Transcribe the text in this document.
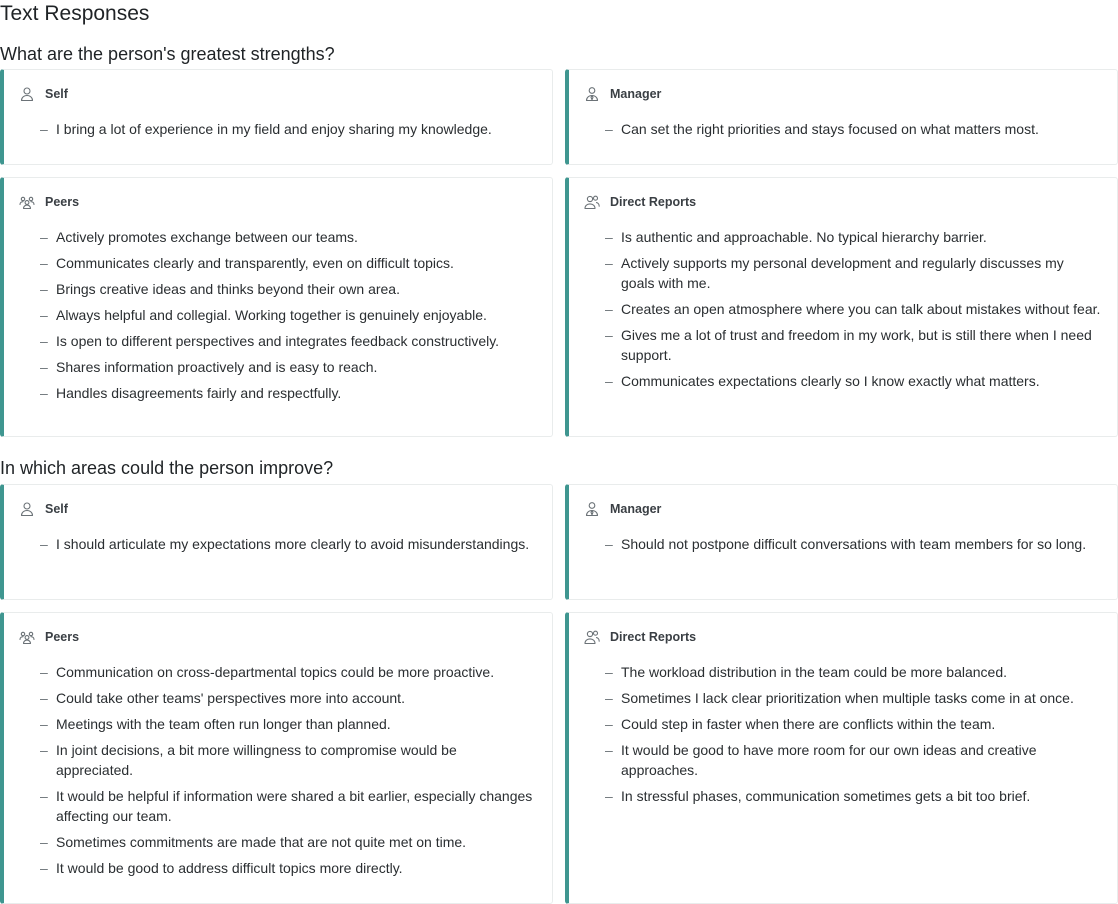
Text Responses
What are the person's greatest strengths?
Self
– I bring a lot of experience in my field and enjoy sharing my knowledge.
Manager
– Can set the right priorities and stays focused on what matters most.
Peers
– Actively promotes exchange between our teams.
– Communicates clearly and transparently, even on difficult topics.
– Brings creative ideas and thinks beyond their own area.
– Always helpful and collegial. Working together is genuinely enjoyable.
– Is open to different perspectives and integrates feedback constructively.
– Shares information proactively and is easy to reach.
– Handles disagreements fairly and respectfully.
Direct Reports
– Is authentic and approachable. No typical hierarchy barrier.
– Actively supports my personal development and regularly discusses my goals with me.
– Creates an open atmosphere where you can talk about mistakes without fear.
– Gives me a lot of trust and freedom in my work, but is still there when I need support.
– Communicates expectations clearly so I know exactly what matters.
In which areas could the person improve?
Self
– I should articulate my expectations more clearly to avoid misunderstandings.
Manager
– Should not postpone difficult conversations with team members for so long.
Peers
– Communication on cross-departmental topics could be more proactive.
– Could take other teams' perspectives more into account.
– Meetings with the team often run longer than planned.
– In joint decisions, a bit more willingness to compromise would be appreciated.
– It would be helpful if information were shared a bit earlier, especially changes affecting our team.
– Sometimes commitments are made that are not quite met on time.
– It would be good to address difficult topics more directly.
Direct Reports
– The workload distribution in the team could be more balanced.
– Sometimes I lack clear prioritization when multiple tasks come in at once.
– Could step in faster when there are conflicts within the team.
– It would be good to have more room for our own ideas and creative approaches.
– In stressful phases, communication sometimes gets a bit too brief.
